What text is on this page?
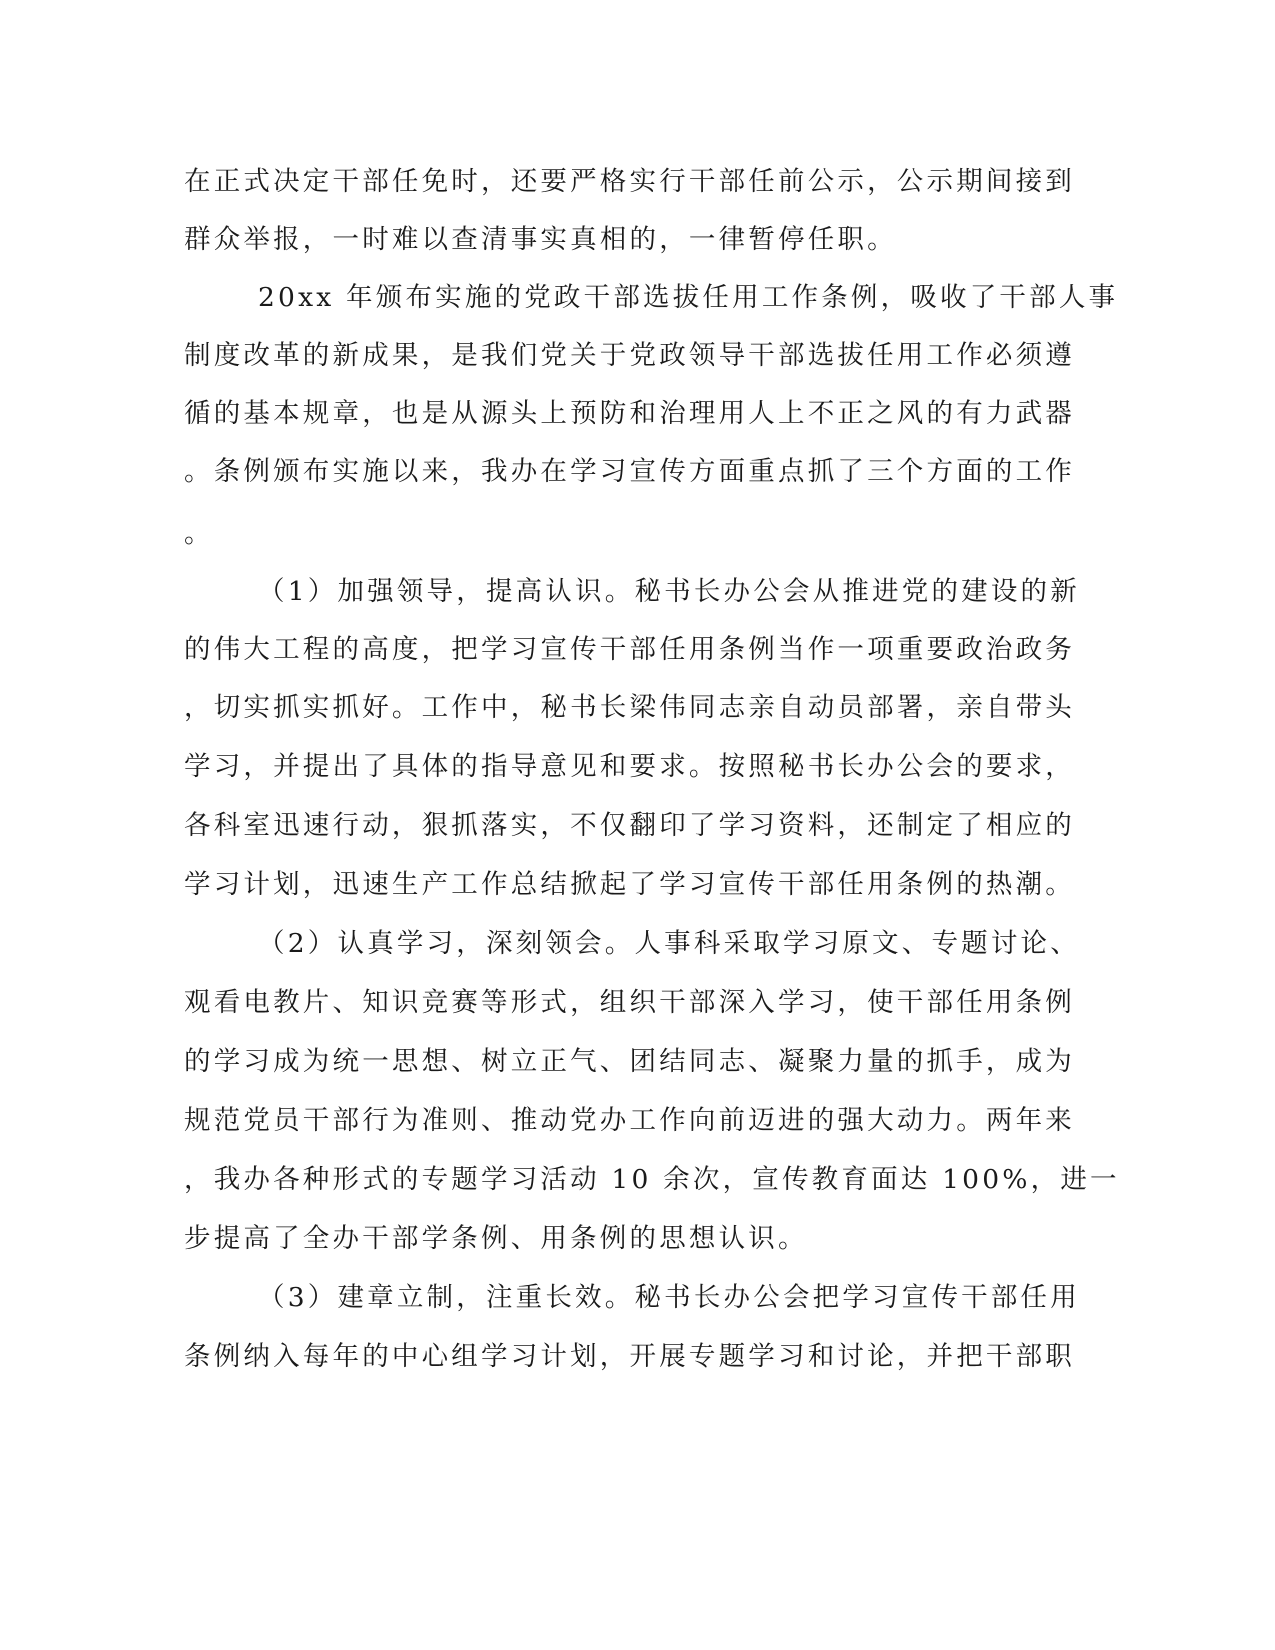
在正式决定干部任免时，还要严格实行干部任前公示，公示期间接到
群众举报，一时难以查清事实真相的，一律暂停任职。
20xx 年颁布实施的党政干部选拔任用工作条例，吸收了干部人事
制度改革的新成果，是我们党关于党政领导干部选拔任用工作必须遵
循的基本规章，也是从源头上预防和治理用人上不正之风的有力武器
。条例颁布实施以来，我办在学习宣传方面重点抓了三个方面的工作
。
（1）加强领导，提高认识。秘书长办公会从推进党的建设的新
的伟大工程的高度，把学习宣传干部任用条例当作一项重要政治政务
，切实抓实抓好。工作中，秘书长梁伟同志亲自动员部署，亲自带头
学习，并提出了具体的指导意见和要求。按照秘书长办公会的要求，
各科室迅速行动，狠抓落实，不仅翻印了学习资料，还制定了相应的
学习计划，迅速生产工作总结掀起了学习宣传干部任用条例的热潮。
（2）认真学习，深刻领会。人事科采取学习原文、专题讨论、
观看电教片、知识竞赛等形式，组织干部深入学习，使干部任用条例
的学习成为统一思想、树立正气、团结同志、凝聚力量的抓手，成为
规范党员干部行为准则、推动党办工作向前迈进的强大动力。两年来
，我办各种形式的专题学习活动 10 余次，宣传教育面达 100%，进一
步提高了全办干部学条例、用条例的思想认识。
（3）建章立制，注重长效。秘书长办公会把学习宣传干部任用
条例纳入每年的中心组学习计划，开展专题学习和讨论，并把干部职
